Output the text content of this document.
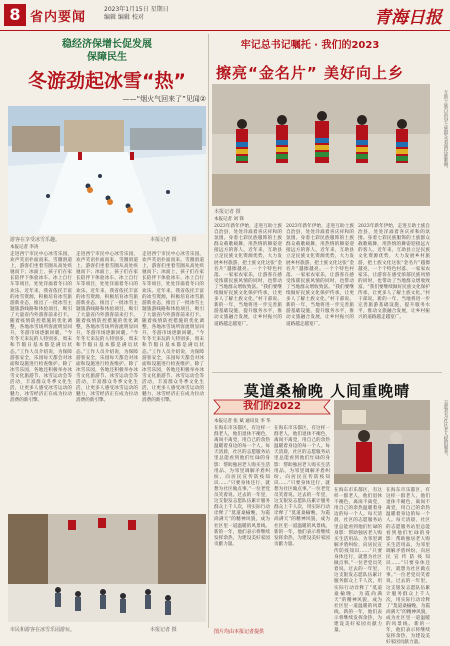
8 省内要闻
2023年1月15日 星期日
编辑 编辑 校对	青海日报
稳经济保增长促发展
保障民生
冬游劲起冰雪“热”
——“烟火气回来了”见闻②
游客在享受冰雪乐趣。	本报记者 摄
本报记者 李涛
走进西宁市民中心冰雪乐园，欢声笑语扑面而来。雪圈滑道上，游客们坐着雪圈从高处疾驰而下；冰面上，孩子们在家长陪伴下体验冰车、冰上自行车等项目，处处洋溢着冬日的欢乐。近年来，我省依托丰富的冰雪资源，积极培育冰雪旅游新业态，推出了一批冰雪主题旅游线路和体验项目，吸引了大量省内外游客前来打卡。随着疫情防控措施的优化调整，各地冰雪场所客流明显回升，冬游市场逐渐回暖。“今年冬天来玩的人特别多，周末和节假日基本都是满员状态。”工作人员介绍说，为保障游客安全，乐园每天都会对冰面和设施进行检查维护。除了冰雪乐园，各地还积极举办冰雪文化旅游节、冰雪运动会等活动，丰富群众冬季文化生活，让更多人感受冰雪运动的魅力，冰雪经济正在成为拉动消费的新引擎。
走进西宁市民中心冰雪乐园，欢声笑语扑面而来。雪圈滑道上，游客们坐着雪圈从高处疾驰而下；冰面上，孩子们在家长陪伴下体验冰车、冰上自行车等项目，处处洋溢着冬日的欢乐。近年来，我省依托丰富的冰雪资源，积极培育冰雪旅游新业态，推出了一批冰雪主题旅游线路和体验项目，吸引了大量省内外游客前来打卡。随着疫情防控措施的优化调整，各地冰雪场所客流明显回升，冬游市场逐渐回暖。“今年冬天来玩的人特别多，周末和节假日基本都是满员状态。”工作人员介绍说，为保障游客安全，乐园每天都会对冰面和设施进行检查维护。除了冰雪乐园，各地还积极举办冰雪文化旅游节、冰雪运动会等活动，丰富群众冬季文化生活，让更多人感受冰雪运动的魅力，冰雪经济正在成为拉动消费的新引擎。
走进西宁市民中心冰雪乐园，欢声笑语扑面而来。雪圈滑道上，游客们坐着雪圈从高处疾驰而下；冰面上，孩子们在家长陪伴下体验冰车、冰上自行车等项目，处处洋溢着冬日的欢乐。近年来，我省依托丰富的冰雪资源，积极培育冰雪旅游新业态，推出了一批冰雪主题旅游线路和体验项目，吸引了大量省内外游客前来打卡。随着疫情防控措施的优化调整，各地冰雪场所客流明显回升，冬游市场逐渐回暖。“今年冬天来玩的人特别多，周末和节假日基本都是满员状态。”工作人员介绍说，为保障游客安全，乐园每天都会对冰面和设施进行检查维护。除了冰雪乐园，各地还积极举办冰雪文化旅游节、冰雪运动会等活动，丰富群众冬季文化生活，让更多人感受冰雪运动的魅力，冰雪经济正在成为拉动消费的新引擎。
市民和游客在冰雪乐园游玩。	本报记者 摄
牢记总书记嘱托 · 我们的2023
擦亮“金名片” 美好向上乡
互助土族自治县土族群众表演民族歌舞。
本报记者 摄
本报记者 刘 锋
2023年新年伊始，走进互助土族自治县，处处洋溢着喜庆祥和的氛围。身着七彩民族服饰的土族群众载歌载舞，用热情的舞姿迎接远方的客人。近年来，互助县立足民族文化资源优势，大力发展乡村旅游，把土族文化这张“金名片”越擦越亮。一个个特色村落、一家家农家乐，让游客在感受浓郁民族风情的同时，也带动了当地群众增收致富。“我们要继续做好民族文化保护传承，让更多人了解土族文化。”村干部说。新的一年，当地将进一步完善旅游基础设施，提升服务水平，推动文旅融合发展，让乡村振兴的道路越走越宽广。
2023年新年伊始，走进互助土族自治县，处处洋溢着喜庆祥和的氛围。身着七彩民族服饰的土族群众载歌载舞，用热情的舞姿迎接远方的客人。近年来，互助县立足民族文化资源优势，大力发展乡村旅游，把土族文化这张“金名片”越擦越亮。一个个特色村落、一家家农家乐，让游客在感受浓郁民族风情的同时，也带动了当地群众增收致富。“我们要继续做好民族文化保护传承，让更多人了解土族文化。”村干部说。新的一年，当地将进一步完善旅游基础设施，提升服务水平，推动文旅融合发展，让乡村振兴的道路越走越宽广。
2023年新年伊始，走进互助土族自治县，处处洋溢着喜庆祥和的氛围。身着七彩民族服饰的土族群众载歌载舞，用热情的舞姿迎接远方的客人。近年来，互助县立足民族文化资源优势，大力发展乡村旅游，把土族文化这张“金名片”越擦越亮。一个个特色村落、一家家农家乐，让游客在感受浓郁民族风情的同时，也带动了当地群众增收致富。“我们要继续做好民族文化保护传承，让更多人了解土族文化。”村干部说。新的一年，当地将进一步完善旅游基础设施，提升服务水平，推动文旅融合发展，让乡村振兴的道路越走越宽广。
莫道桑榆晚 人间重晚晴
我们的2022
本报记者 张 斌 通讯员 李 华
在海东市乐都区，有这样一群老人，他们退休不褪色，离岗不离党，用自己的余热温暖着身边的每一个人。每天清晨，社区的志愿服务站里总能看到他们忙碌的身影：帮助独居老人购买生活用品、为邻里调解矛盾纠纷、向居民宣传防疫知识……“只要身体还行，就想为社区做点事。”一位老党员笑着说。过去的一年里，这支银发志愿队伍累计服务群众上千人次，用实际行动诠释了“莫道桑榆晚，为霞尚满天”的精神风貌，成为社区里一道温暖的风景线。新的一年，他们表示将继续发挥余热，为建设美好家园贡献力量。
在海东市乐都区，有这样一群老人，他们退休不褪色，离岗不离党，用自己的余热温暖着身边的每一个人。每天清晨，社区的志愿服务站里总能看到他们忙碌的身影：帮助独居老人购买生活用品、为邻里调解矛盾纠纷、向居民宣传防疫知识……“只要身体还行，就想为社区做点事。”一位老党员笑着说。过去的一年里，这支银发志愿队伍累计服务群众上千人次，用实际行动诠释了“莫道桑榆晚，为霞尚满天”的精神风貌，成为社区里一道温暖的风景线。新的一年，他们表示将继续发挥余热，为建设美好家园贡献力量。
在海东市乐都区，有这样一群老人，他们退休不褪色，离岗不离党，用自己的余热温暖着身边的每一个人。每天清晨，社区的志愿服务站里总能看到他们忙碌的身影：帮助独居老人购买生活用品、为邻里调解矛盾纠纷、向居民宣传防疫知识……“只要身体还行，就想为社区做点事。”一位老党员笑着说。过去的一年里，这支银发志愿队伍累计服务群众上千人次，用实际行动诠释了“莫道桑榆晚，为霞尚满天”的精神风貌，成为社区里一道温暖的风景线。新的一年，他们表示将继续发挥余热，为建设美好家园贡献力量。
在海东市乐都区，有这样一群老人，他们退休不褪色，离岗不离党，用自己的余热温暖着身边的每一个人。每天清晨，社区的志愿服务站里总能看到他们忙碌的身影：帮助独居老人购买生活用品、为邻里调解矛盾纠纷、向居民宣传防疫知识……“只要身体还行，就想为社区做点事。”一位老党员笑着说。过去的一年里，这支银发志愿队伍累计服务群众上千人次，用实际行动诠释了“莫道桑榆晚，为霞尚满天”的精神风貌，成为社区里一道温暖的风景线。新的一年，他们表示将继续发挥余热，为建设美好家园贡献力量。
志愿者为社区老人提供服务。
图片均由本报记者提供
